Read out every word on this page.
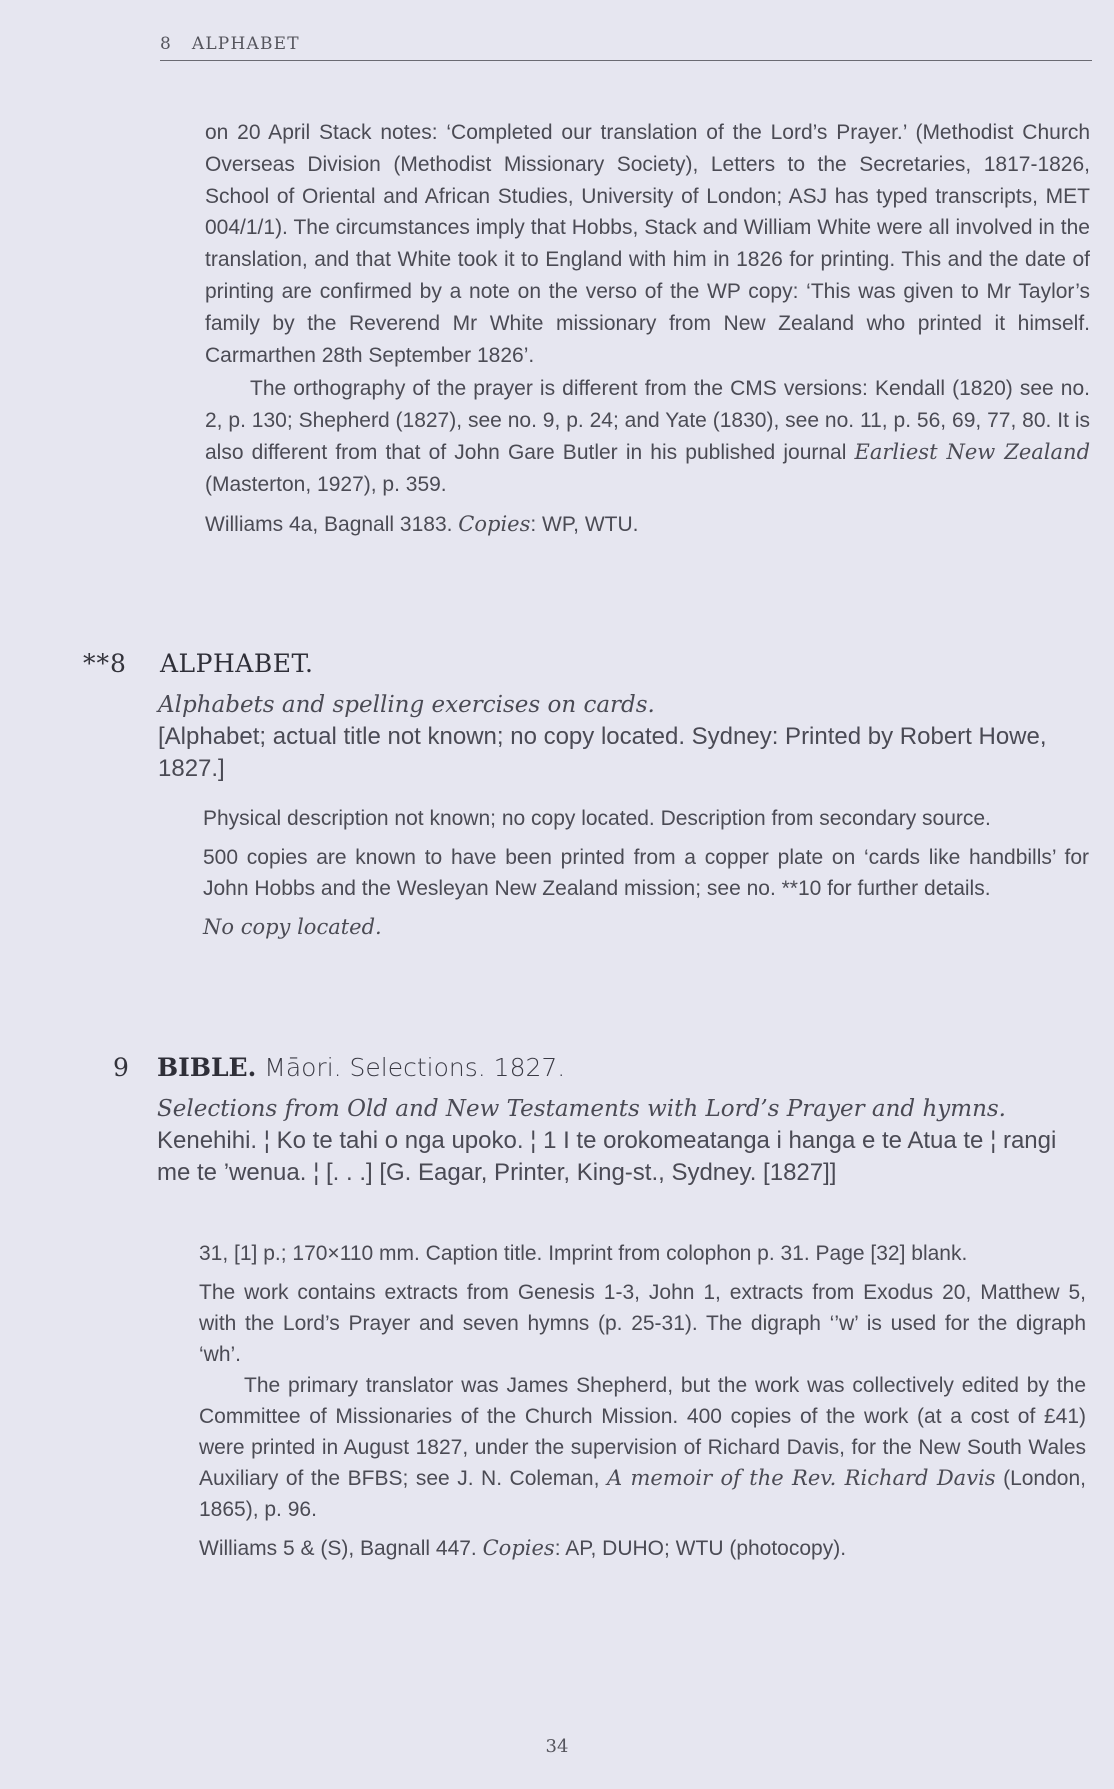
8 ALPHABET

on 20 April Stack notes: ‘Completed our translation of the Lord’s Prayer.’ (Methodist Church Overseas Division (Methodist Missionary Society), Letters to the Secretaries, 1817-1826, School of Oriental and African Studies, University of London; ASJ has typed transcripts, MET 004/1/1). The circumstances imply that Hobbs, Stack and William White were all involved in the translation, and that White took it to England with him in 1826 for printing. This and the date of printing are confirmed by a note on the verso of the WP copy: ‘This was given to Mr Taylor’s family by the Reverend Mr White missionary from New Zealand who printed it himself. Carmarthen 28th September 1826’.

The orthography of the prayer is different from the CMS versions: Kendall (1820) see no. 2, p. 130; Shepherd (1827), see no. 9, p. 24; and Yate (1830), see no. 11, p. 56, 69, 77, 80. It is also different from that of John Gare Butler in his published journal Earliest New Zealand (Masterton, 1927), p. 359.

Williams 4a, Bagnall 3183. Copies: WP, WTU.

**8 ALPHABET.
Alphabets and spelling exercises on cards.
[Alphabet; actual title not known; no copy located. Sydney: Printed by Robert Howe, 1827.]

Physical description not known; no copy located. Description from secondary source.

500 copies are known to have been printed from a copper plate on ‘cards like handbills’ for John Hobbs and the Wesleyan New Zealand mission; see no. **10 for further details.

No copy located.

9 BIBLE. Māori. Selections. 1827.
Selections from Old and New Testaments with Lord’s Prayer and hymns.
Kenehihi. ¦ Ko te tahi o nga upoko. ¦ 1 I te orokomeatanga i hanga e te Atua te ¦ rangi me te ’wenua. ¦ [. . .] [G. Eagar, Printer, King-st., Sydney. [1827]]

31, [1] p.; 170×110 mm. Caption title. Imprint from colophon p. 31. Page [32] blank.

The work contains extracts from Genesis 1-3, John 1, extracts from Exodus 20, Matthew 5, with the Lord’s Prayer and seven hymns (p. 25-31). The digraph ‘’w’ is used for the digraph ‘wh’.

The primary translator was James Shepherd, but the work was collectively edited by the Committee of Missionaries of the Church Mission. 400 copies of the work (at a cost of £41) were printed in August 1827, under the supervision of Richard Davis, for the New South Wales Auxiliary of the BFBS; see J. N. Coleman, A memoir of the Rev. Richard Davis (London, 1865), p. 96.

Williams 5 & (S), Bagnall 447. Copies: AP, DUHO; WTU (photocopy).

34
